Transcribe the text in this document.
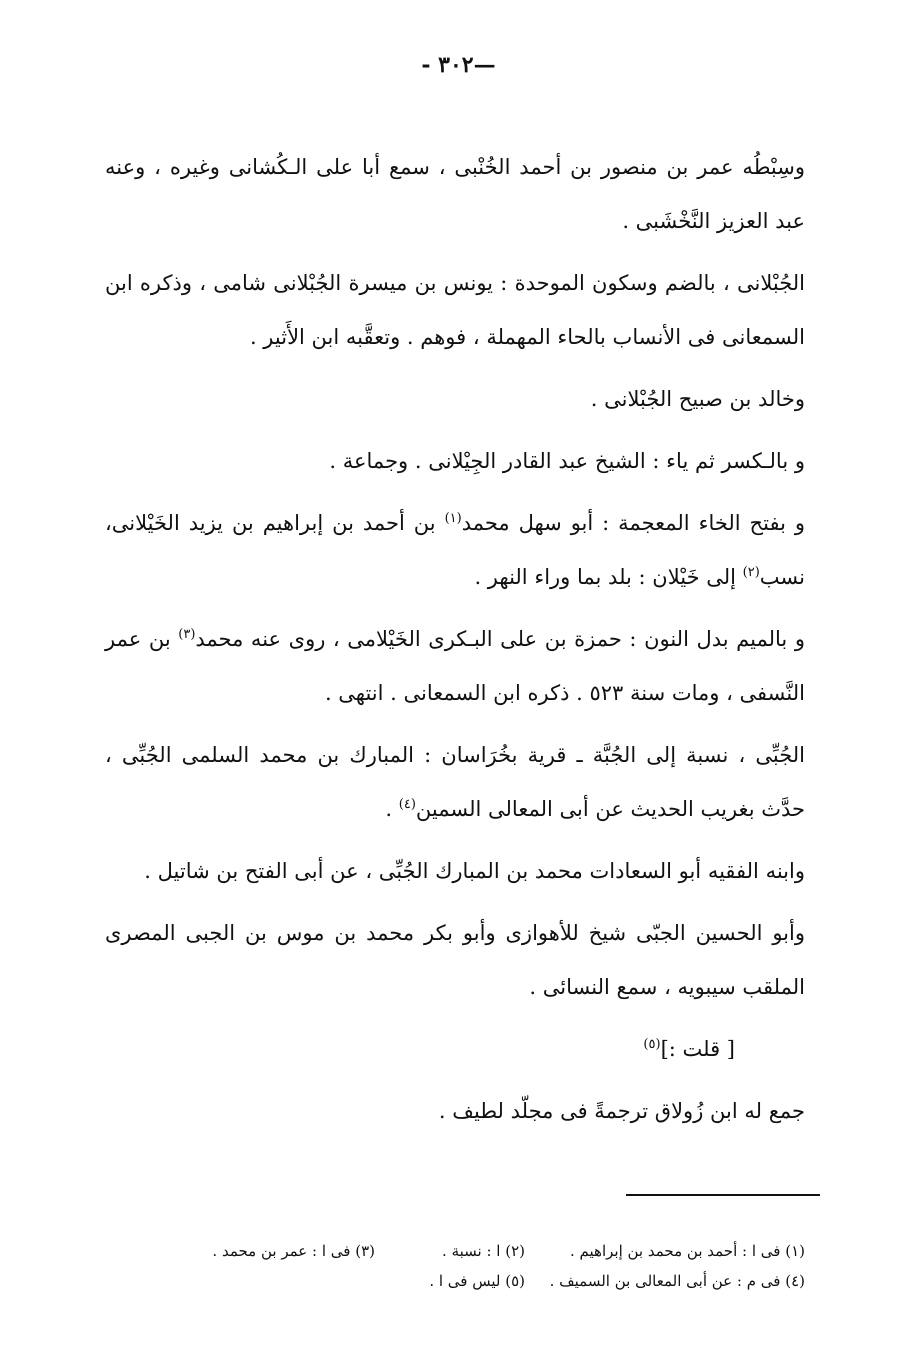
—٣٠٢ -

وسِبْطُه عمر بن منصور بن أحمد الخُنْبى ، سمع أبا على الـكُشانى وغيره ، وعنه عبد العزيز النَّخْشَبى .

الجُبْلانى ، بالضم وسكون الموحدة : يونس بن ميسرة الجُبْلانى شامى ، وذكره ابن السمعانى فى الأنساب بالحاء المهملة ، فوهم . وتعقَّبه ابن الأَثير .

وخالد بن صبيح الجُبْلانى .

و بالـكسر ثم ياء : الشيخ عبد القادر الجِيْلانى . وجماعة .

و بفتح الخاء المعجمة : أبو سهل محمد$^{(١)}$ بن أحمد بن إبراهيم بن يزيد الخَيْلانى، نسب$^{(٢)}$ إلى خَيْلان : بلد بما وراء النهر .

و بالميم بدل النون : حمزة بن على البـكرى الخَيْلامى ، روى عنه محمد$^{(٣)}$ بن عمر النَّسفى ، ومات سنة ٥٢٣ . ذكره ابن السمعانى . انتهى .

الجُبِّى ، نسبة إلى الجُبَّة ـ قرية بخُرَاسان : المبارك بن محمد السلمى الجُبِّى ، حدَّث بغريب الحديث عن أبى المعالى السمين$^{(٤)}$ .

وابنه الفقيه أبو السعادات محمد بن المبارك الجُبِّى ، عن أبى الفتح بن شاتيل .

وأبو الحسين الجبّى شيخ للأهوازى وأبو بكر محمد بن موس بن الجبى المصرى الملقب سيبويه ، سمع النسائى .

[ قلت :]$^{(٥)}$

جمع له ابن زُولاق ترجمةً فى مجلّد لطيف .

(١) فى ا : أحمد بن محمد بن إبراهيم .
(٢) ا : نسبة .
(٣) فى ا : عمر بن محمد .
(٤) فى م : عن أبى المعالى بن السميف .
(٥) ليس فى ا .
